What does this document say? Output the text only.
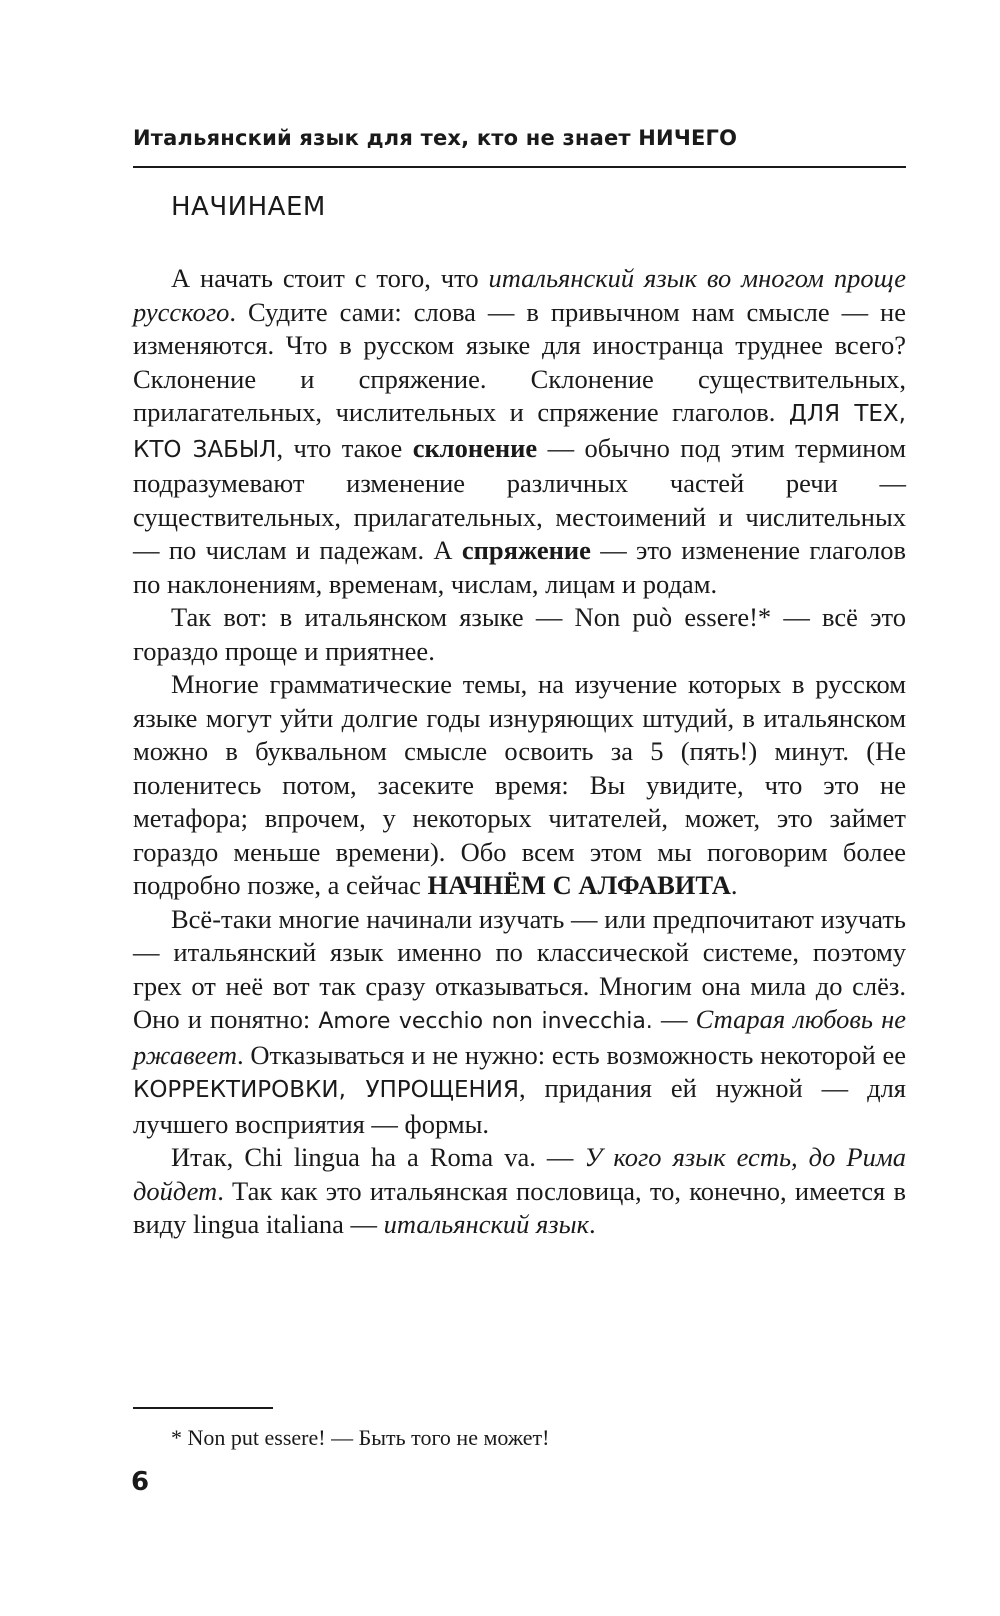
Итальянский язык для тех, кто не знает НИЧЕГО
НАЧИНАЕМ

А начать стоит с того, что итальянский язык во многом проще русского. Судите сами: слова — в привычном нам смысле — не изменяются. Что в русском языке для иностранца труднее всего? Склонение и спряжение. Склонение существительных, прилагательных, числительных и спряжение глаголов. ДЛЯ ТЕХ, КТО ЗАБЫЛ, что такое склонение — обычно под этим термином подразумевают изменение различных частей речи — существительных, прилагательных, местоимений и числительных — по числам и падежам. А спряжение — это изменение глаголов по наклонениям, временам, числам, лицам и родам.

Так вот: в итальянском языке — Non può essere!* — всё это гораздо проще и приятнее.

Многие грамматические темы, на изучение которых в русском языке могут уйти долгие годы изнуряющих штудий, в итальянском можно в буквальном смысле освоить за 5 (пять!) минут. (Не поленитесь потом, засеките время: Вы увидите, что это не метафора; впрочем, у некоторых читателей, может, это займет гораздо меньше времени). Обо всем этом мы поговорим более подробно позже, а сейчас НАЧНЁМ С АЛФАВИТА.

Всё-таки многие начинали изучать — или предпочитают изучать — итальянский язык именно по классической системе, поэтому грех от неё вот так сразу отказываться. Многим она мила до слёз. Оно и понятно: Amore vecchio non invecchia. — Старая любовь не ржавеет. Отказываться и не нужно: есть возможность некоторой ее КОРРЕКТИРОВКИ, УПРОЩЕНИЯ, придания ей нужной — для лучшего восприятия — формы.

Итак, Chi lingua ha a Roma va. — У кого язык есть, до Рима дойдет. Так как это итальянская пословица, то, конечно, имеется в виду lingua italiana — итальянский язык.

* Non put essere! — Быть того не может!
6
